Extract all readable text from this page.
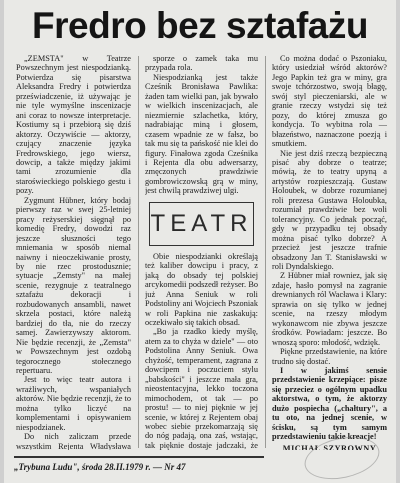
Fredro bez sztafażu

„ZEMSTA" w Teatrze Powszechnym jest niespodzianką. Potwierdza się pisarstwa Aleksandra Fredry i potwierdza przeświadczenie, iż używając je nie tyle wymyślne inscenizacje ani coraz to nowsze interpretacje. Kostiumy są i przebiorą się dziś aktorzy. Oczywiście — aktorzy, czujący znaczenie języka Fredrowskiego, jego wiersz, dowcip, a także między jakimi tami zrozumienie dla staroświeckiego polskiego gestu i pozy.

Zygmunt Hübner, który bodaj pierwszy raz w swej 25-letniej pracy reżyserskiej sięgnął po komedię Fredry, dowodzi raz jeszcze słuszności tego mniemania w sposób niemal naiwny i nieoczekiwanie prosty, by nie rzec prostodusznie; sytuacje „Zemsty" na małej scenie, rezygnuje z teatralnego sztafażu dekoracji i rozbudowanych ansambli, nawet skrzela postaci, które należą bardziej do tła, nie do rzeczy samej. Zawierzywszy aktorom. Nie będzie recenzji, że „Zemsta" w Powszechnym jest ozdobą tegorocznego stołecznego repertuaru.

Jest to więc teatr autora i wrażliwych, wspaniałych aktorów. Nie będzie recenzji, że to można tylko liczyć na komplementami i opisywaniem niespodzianek.

Do nich zaliczam przede wszystkim Rejenta Władysława

sporze o zamek taka mu przypada rola.

Niespodzianką jest także Cześnik Bronisława Pawlika: żaden tam wielki pan, jak bywało w wielkich inscenizacjach, ale niezmiernie szlachetka, który, nadrabiając miną i głosem, czasem wpadnie ze w fałsz, bo tak mu się ta pańskość nie klei do figury. Finałowa zgoda Cześnika i Rejenta dla obu adwersarzy, zmęczonych prawdziwie gombrowiczowską grą w miny, jest chwilą prawdziwej ulgi.

TEATR

Obie niespodzianki określają też kaliber dowcipu i pracy, z jaką do obsady tej polskiej arcykomedii podszedł reżyser. Bo już Anna Seniuk w roli Podstoliny ani Wojciech Pszoniak w roli Papkina nie zaskakują: oczekiwało się takich obsad.

„Bo ja rzadko kiedy myślę, atem za to chyża w dziele" — oto Podstolina Anny Seniuk. Owa chyżość, temperament, zagrana z dowcipem i poczuciem stylu „babskości" i jeszcze mała gra, nieostentacyjna, lekko toczona mimochodem, ot tak — po prostu! — to niej pięknie w jej scenie, w której z Rejentem obaj wobec siebie przekomarzają się do nóg padają, ona zaś, wstając, tak pięknie dostaje jadczaki, że

Co można dodać o Pszoniaku, który usiedział wśród aktorów? Jego Papkin też gra w miny, gra swoje tchórzostwo, swoją błagę, swój styl pieczeniarski, ale w granie rzeczy wstydzi się też pozy, do której zmusza go kondycja. To wybitna rola — błazeństwo, naznaczone poezją i smutkiem.

Nie jest dziś rzeczą bezpieczną pisać aby dobrze o teatrze; mówią, że to teatry upyną a artystów rozpieszczają. Gustaw Holoubek, w dobrze rozumianej roli prezesa Gustawa Holoubka, rozumiał prawdziwie bez woli tolerancyjny. Co jednak począć, gdy w przypadku tej obsady można pisać tylko dobrze? A przecież jest jeszcze trafnie obsadzony Jan T. Stanisławski w roli Dyndalskiego.

Z Hübner miał rowniez, jak się zdaje, hasło pomysł na zagranie drewnianych ról Wacława i Klary: sprawia on się tylko w jednej scenie, na rzeszy młodym wykonawcom nie zbywa jeszcze środków. Powiadam: jeszcze. Bo wnoszą sporo: młodość, wdzięk.

Piękne przedstawienie, na które trudno się dostać.

I w jakimś sensie przedstawienie krzepiące: pisze się przeciez o ogólnym upadku aktorstwa, o tym, że aktorzy dużo pospiecha („chałtury", a tu oto, na jednej scenie, w ścisku, są tym samym przedstawieniu takie kreacje!

MICHAŁ SZYROWNY

„Trybuna Ludu", środa 28.II.1979 r. — Nr 47
